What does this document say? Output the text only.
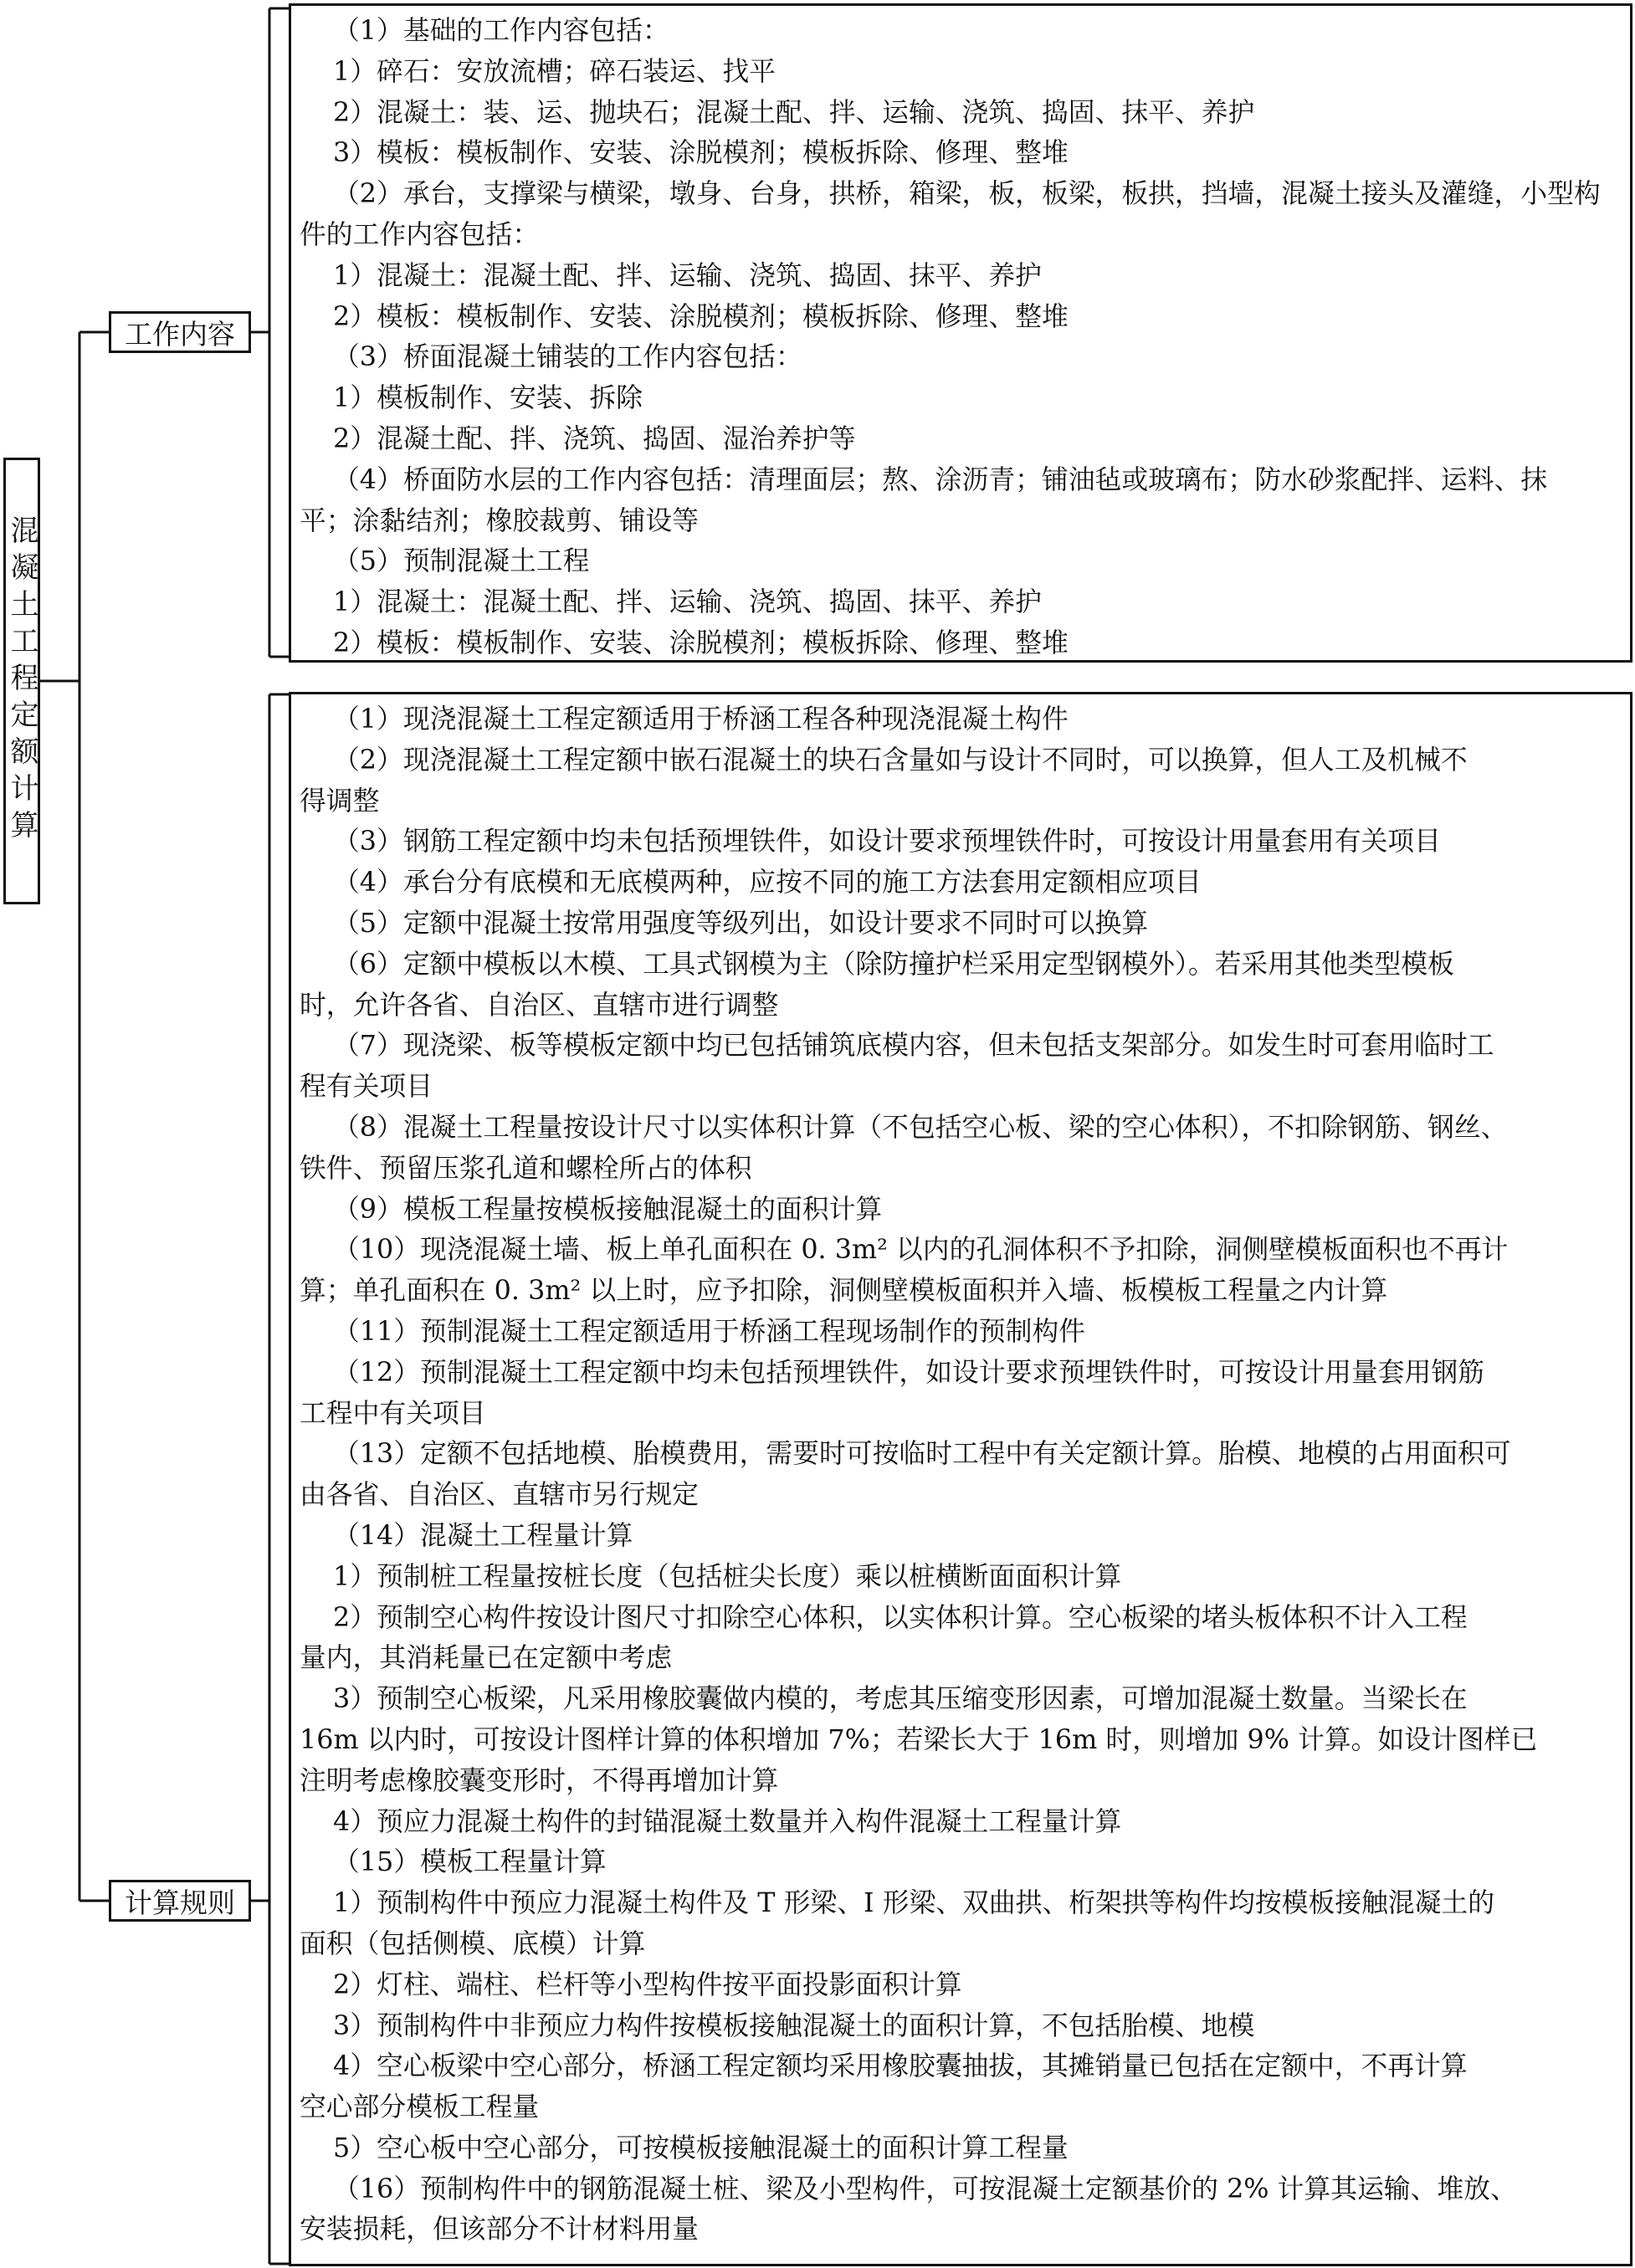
混凝土工程定额计算
工作内容
计算规则
（1）基础的工作内容包括：
1）碎石：安放流槽；碎石装运、找平
2）混凝土：装、运、抛块石；混凝土配、拌、运输、浇筑、捣固、抹平、养护
3）模板：模板制作、安装、涂脱模剂；模板拆除、修理、整堆
（2）承台，支撑梁与横梁，墩身、台身，拱桥，箱梁，板，板梁，板拱，挡墙，混凝土接头及灌缝，小型构
件的工作内容包括：
1）混凝土：混凝土配、拌、运输、浇筑、捣固、抹平、养护
2）模板：模板制作、安装、涂脱模剂；模板拆除、修理、整堆
（3）桥面混凝土铺装的工作内容包括：
1）模板制作、安装、拆除
2）混凝土配、拌、浇筑、捣固、湿治养护等
（4）桥面防水层的工作内容包括：清理面层；熬、涂沥青；铺油毡或玻璃布；防水砂浆配拌、运料、抹
平；涂黏结剂；橡胶裁剪、铺设等
（5）预制混凝土工程
1）混凝土：混凝土配、拌、运输、浇筑、捣固、抹平、养护
2）模板：模板制作、安装、涂脱模剂；模板拆除、修理、整堆
（1）现浇混凝土工程定额适用于桥涵工程各种现浇混凝土构件
（2）现浇混凝土工程定额中嵌石混凝土的块石含量如与设计不同时，可以换算，但人工及机械不
得调整
（3）钢筋工程定额中均未包括预埋铁件，如设计要求预埋铁件时，可按设计用量套用有关项目
（4）承台分有底模和无底模两种，应按不同的施工方法套用定额相应项目
（5）定额中混凝土按常用强度等级列出，如设计要求不同时可以换算
（6）定额中模板以木模、工具式钢模为主（除防撞护栏采用定型钢模外）。若采用其他类型模板
时，允许各省、自治区、直辖市进行调整
（7）现浇梁、板等模板定额中均已包括铺筑底模内容，但未包括支架部分。如发生时可套用临时工
程有关项目
（8）混凝土工程量按设计尺寸以实体积计算（不包括空心板、梁的空心体积），不扣除钢筋、钢丝、
铁件、预留压浆孔道和螺栓所占的体积
（9）模板工程量按模板接触混凝土的面积计算
（10）现浇混凝土墙、板上单孔面积在 0. 3m² 以内的孔洞体积不予扣除，洞侧壁模板面积也不再计
算；单孔面积在 0. 3m² 以上时，应予扣除，洞侧壁模板面积并入墙、板模板工程量之内计算
（11）预制混凝土工程定额适用于桥涵工程现场制作的预制构件
（12）预制混凝土工程定额中均未包括预埋铁件，如设计要求预埋铁件时，可按设计用量套用钢筋
工程中有关项目
（13）定额不包括地模、胎模费用，需要时可按临时工程中有关定额计算。胎模、地模的占用面积可
由各省、自治区、直辖市另行规定
（14）混凝土工程量计算
1）预制桩工程量按桩长度（包括桩尖长度）乘以桩横断面面积计算
2）预制空心构件按设计图尺寸扣除空心体积，以实体积计算。空心板梁的堵头板体积不计入工程
量内，其消耗量已在定额中考虑
3）预制空心板梁，凡采用橡胶囊做内模的，考虑其压缩变形因素，可增加混凝土数量。当梁长在
16m 以内时，可按设计图样计算的体积增加 7%；若梁长大于 16m 时，则增加 9% 计算。如设计图样已
注明考虑橡胶囊变形时，不得再增加计算
4）预应力混凝土构件的封锚混凝土数量并入构件混凝土工程量计算
（15）模板工程量计算
1）预制构件中预应力混凝土构件及 T 形梁、I 形梁、双曲拱、桁架拱等构件均按模板接触混凝土的
面积（包括侧模、底模）计算
2）灯柱、端柱、栏杆等小型构件按平面投影面积计算
3）预制构件中非预应力构件按模板接触混凝土的面积计算，不包括胎模、地模
4）空心板梁中空心部分，桥涵工程定额均采用橡胶囊抽拔，其摊销量已包括在定额中，不再计算
空心部分模板工程量
5）空心板中空心部分，可按模板接触混凝土的面积计算工程量
（16）预制构件中的钢筋混凝土桩、梁及小型构件，可按混凝土定额基价的 2% 计算其运输、堆放、
安装损耗，但该部分不计材料用量
